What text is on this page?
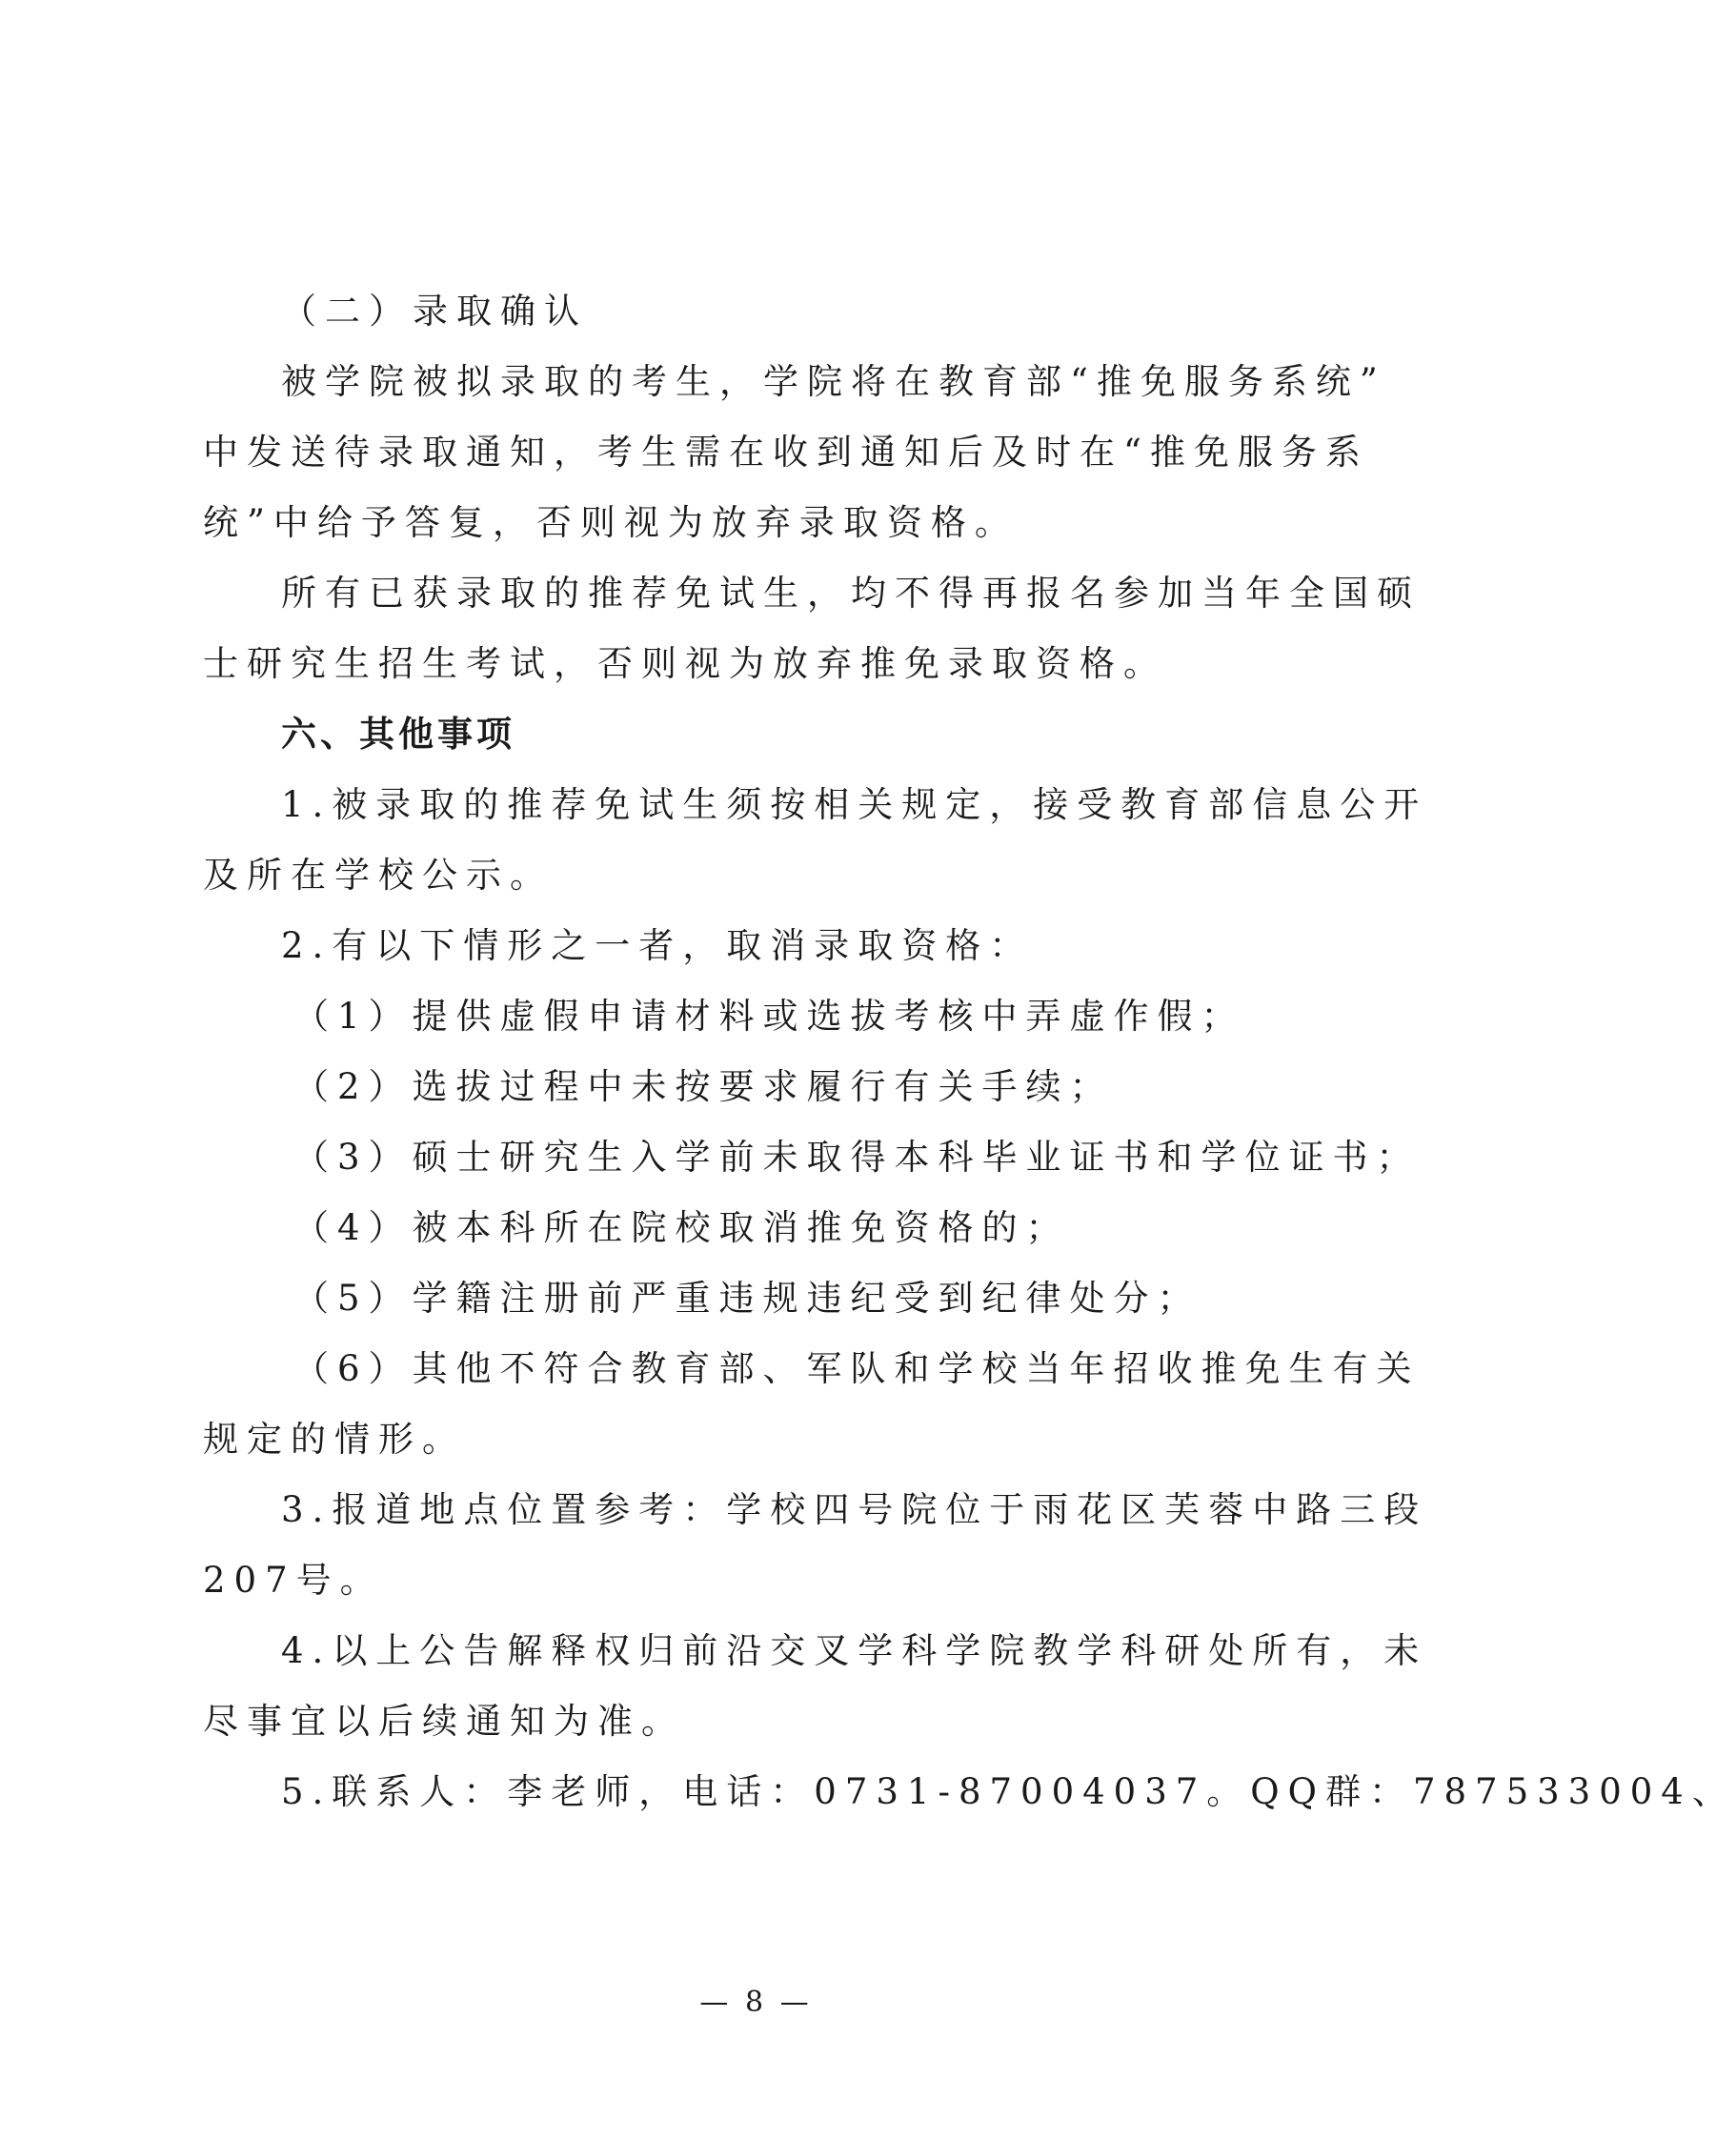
（二）录取确认
被学院被拟录取的考生，学院将在教育部“推免服务系统”
中发送待录取通知，考生需在收到通知后及时在“推免服务系
统”中给予答复，否则视为放弃录取资格。
所有已获录取的推荐免试生，均不得再报名参加当年全国硕
士研究生招生考试，否则视为放弃推免录取资格。
六、其他事项
1.被录取的推荐免试生须按相关规定，接受教育部信息公开
及所在学校公示。
2.有以下情形之一者，取消录取资格：
（1）提供虚假申请材料或选拔考核中弄虚作假；
（2）选拔过程中未按要求履行有关手续；
（3）硕士研究生入学前未取得本科毕业证书和学位证书；
（4）被本科所在院校取消推免资格的；
（5）学籍注册前严重违规违纪受到纪律处分；
（6）其他不符合教育部、军队和学校当年招收推免生有关
规定的情形。
3.报道地点位置参考：学校四号院位于雨花区芙蓉中路三段
207号。
4.以上公告解释权归前沿交叉学科学院教学科研处所有，未
尽事宜以后续通知为准。
5.联系人：李老师，电话：0731-87004037。QQ群：787533004、
— 8 —
